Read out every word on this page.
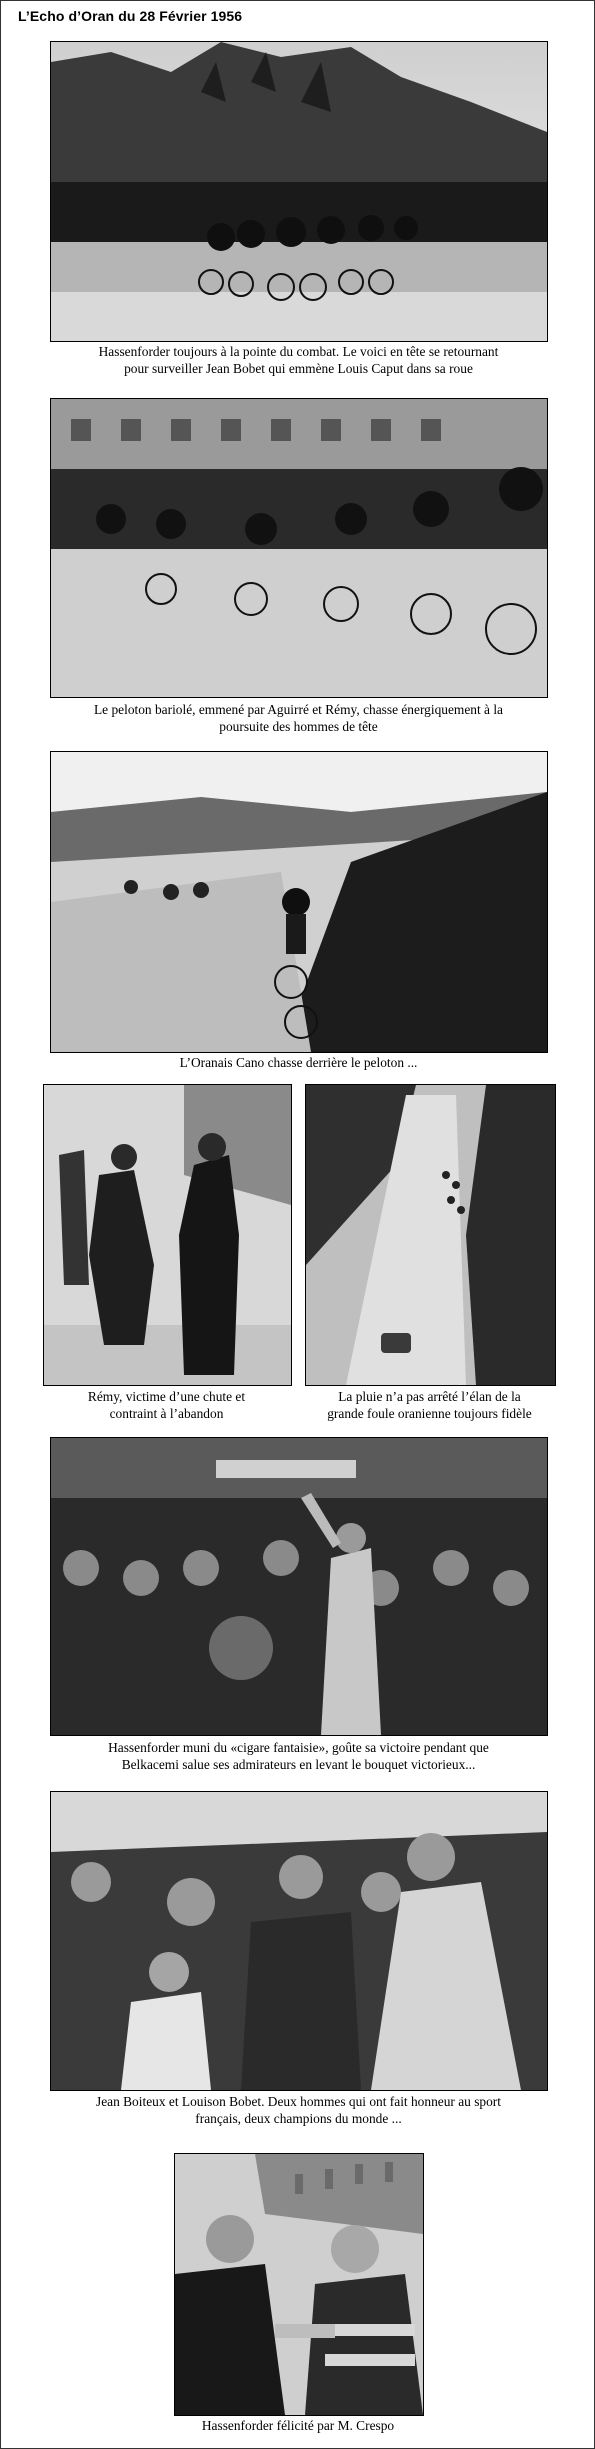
L’Echo d’Oran du 28 Février 1956
Hassenforder toujours à la pointe du combat. Le voici en tête se retournant
pour surveiller Jean Bobet qui emmène Louis Caput dans sa roue
Le peloton bariolé, emmené par Aguirré et Rémy, chasse énergiquement à la
poursuite des hommes de tête
L’Oranais Cano chasse derrière le peloton ...
Rémy, victime d’une chute et
contraint à l’abandon
La pluie n’a pas arrêté l’élan de la
grande foule oranienne toujours fidèle
Hassenforder muni du «cigare fantaisie», goûte sa victoire pendant que
Belkacemi salue ses admirateurs en levant le bouquet victorieux...
Jean Boiteux et Louison Bobet. Deux hommes qui ont fait honneur au sport
français, deux champions du monde ...
Hassenforder félicité par M. Crespo
